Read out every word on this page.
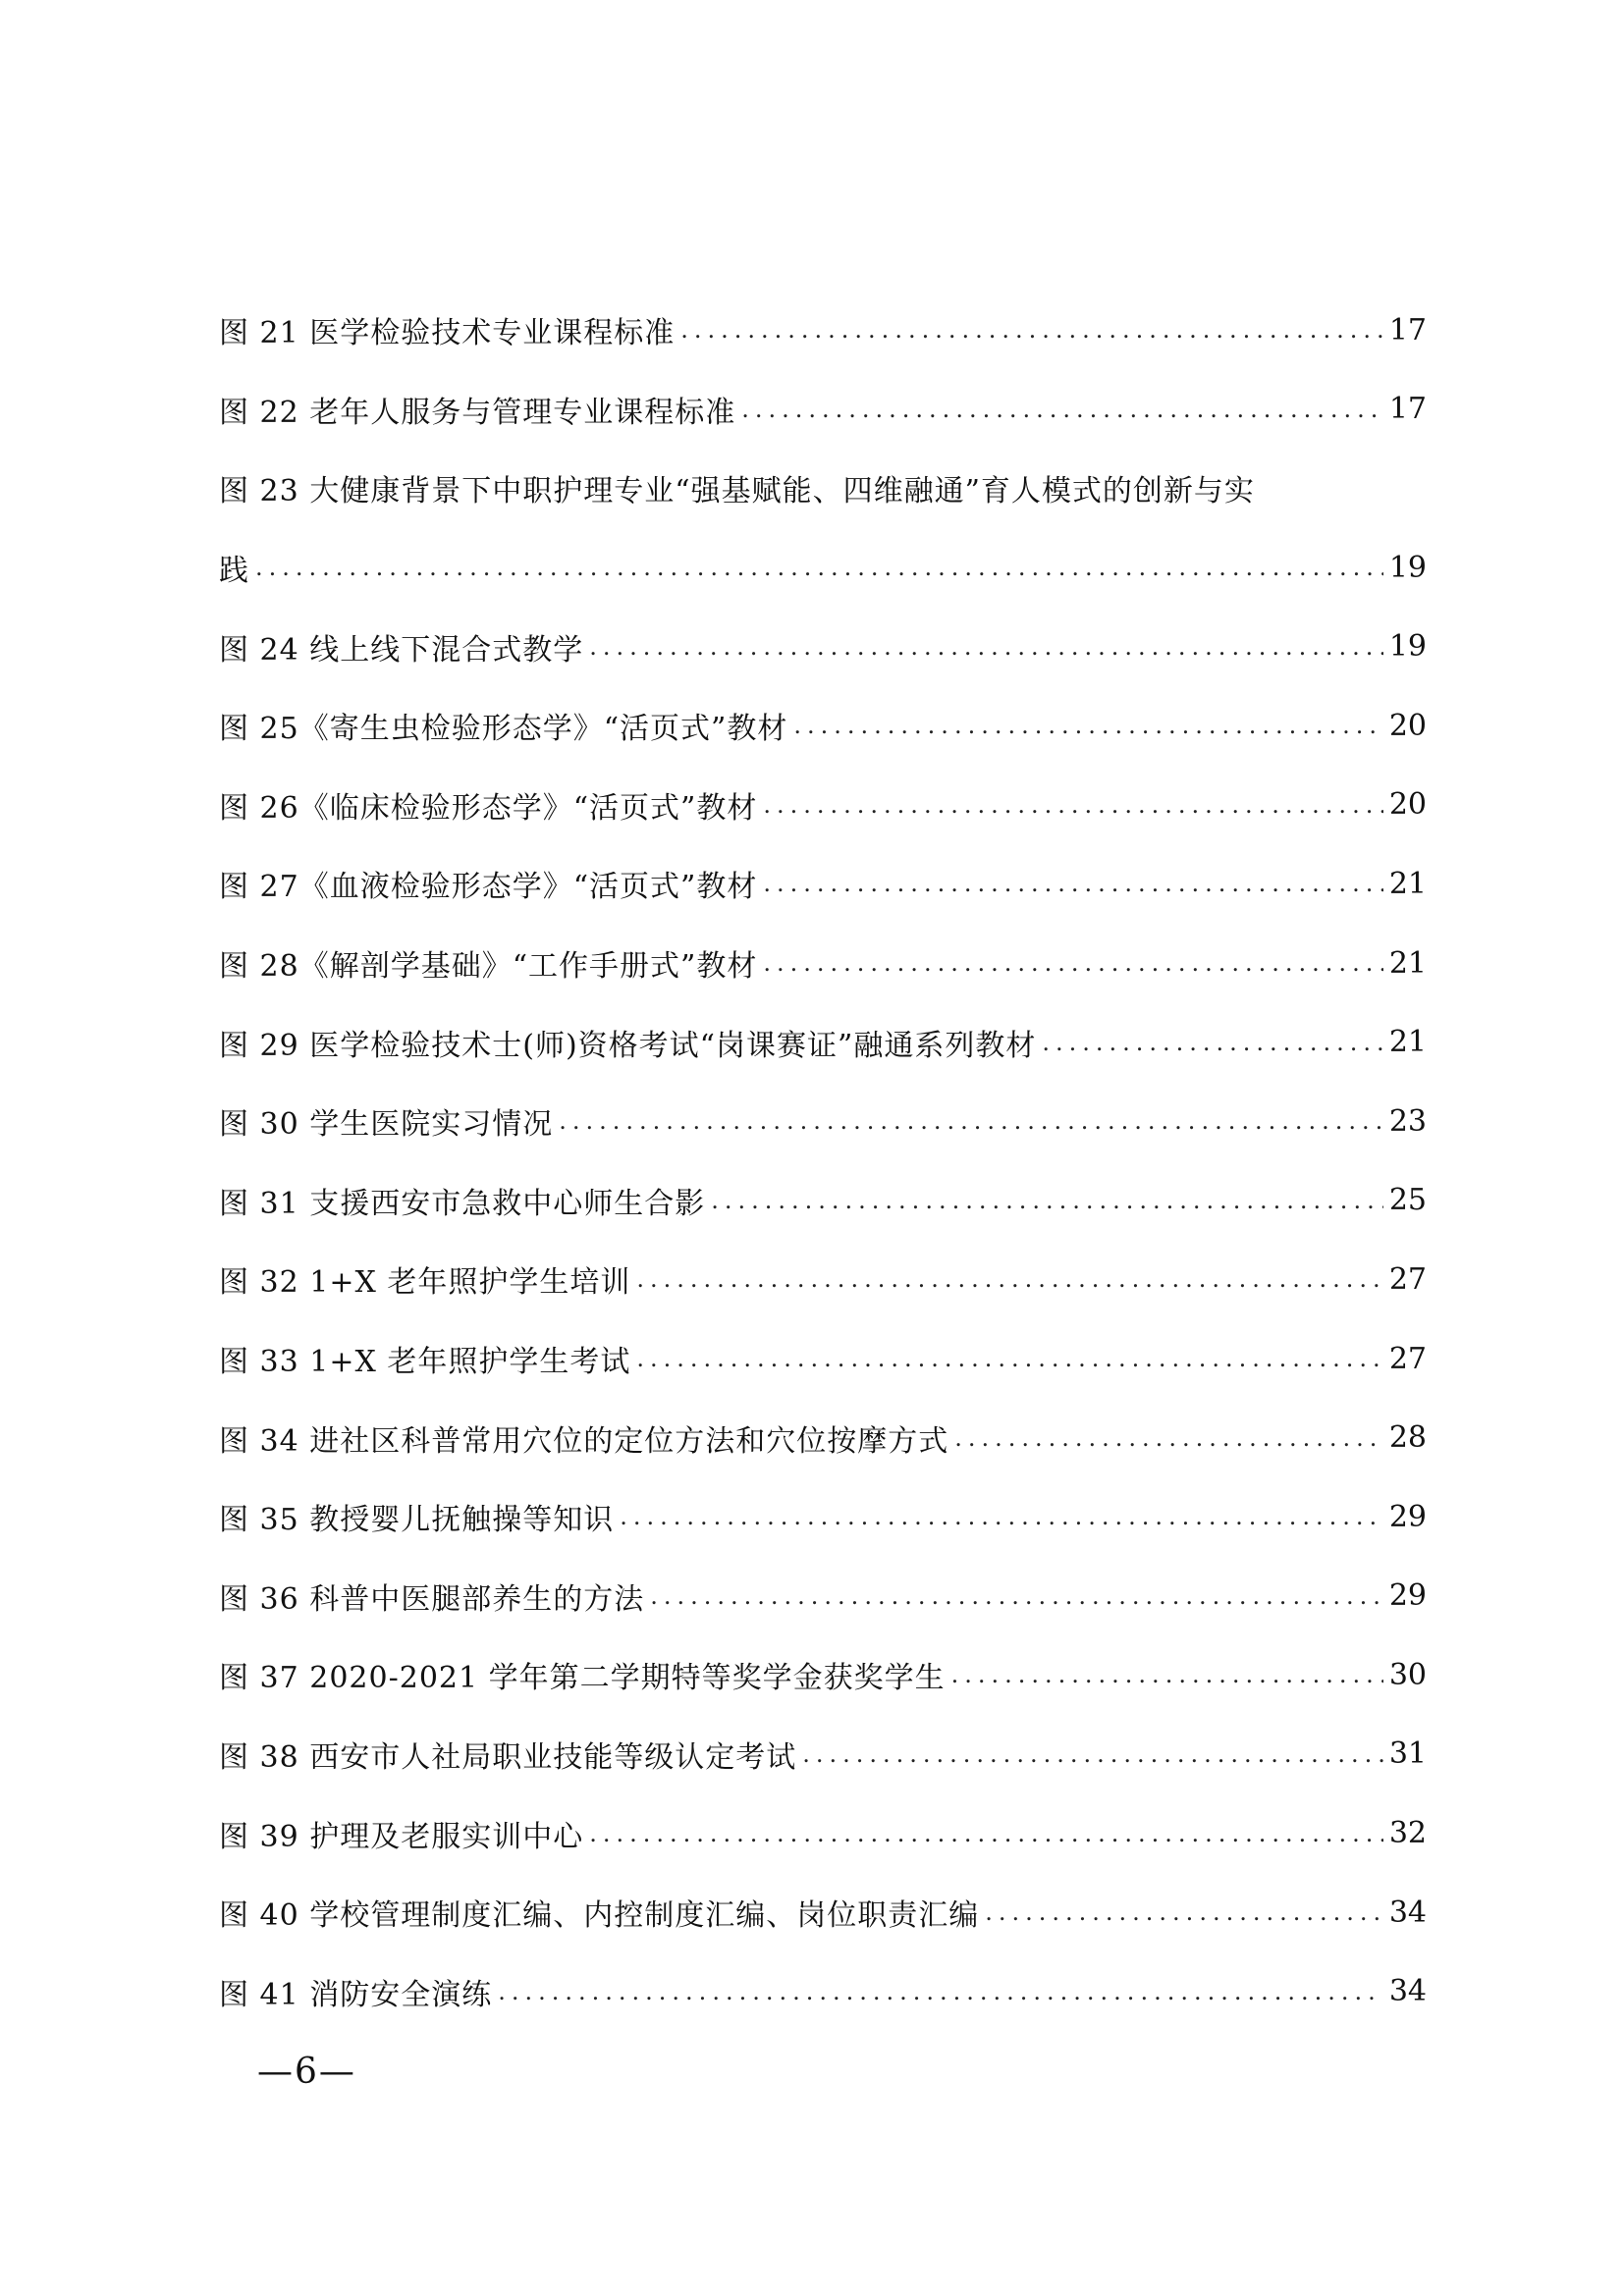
图 21 医学检验技术专业课程标准 .....	17
图 22 老年人服务与管理专业课程标准 .....	17
图 23 大健康背景下中职护理专业“强基赋能、四维融通”育人模式的创新与实
践 .....	19
图 24 线上线下混合式教学 .....	19
图 25《寄生虫检验形态学》“活页式”教材 .....	20
图 26《临床检验形态学》“活页式”教材 .....	20
图 27《血液检验形态学》“活页式”教材 .....	21
图 28《解剖学基础》“工作手册式”教材 .....	21
图 29 医学检验技术士(师)资格考试“岗课赛证”融通系列教材 .....	21
图 30 学生医院实习情况 .....	23
图 31 支援西安市急救中心师生合影 .....	25
图 32 1+X 老年照护学生培训 .....	27
图 33 1+X 老年照护学生考试 .....	27
图 34 进社区科普常用穴位的定位方法和穴位按摩方式 .....	28
图 35 教授婴儿抚触操等知识 .....	29
图 36 科普中医腿部养生的方法 .....	29
图 37 2020-2021 学年第二学期特等奖学金获奖学生 .....	30
图 38 西安市人社局职业技能等级认定考试 .....	31
图 39 护理及老服实训中心 .....	32
图 40 学校管理制度汇编、内控制度汇编、岗位职责汇编 .....	34
图 41 消防安全演练 .....	34
—6—
